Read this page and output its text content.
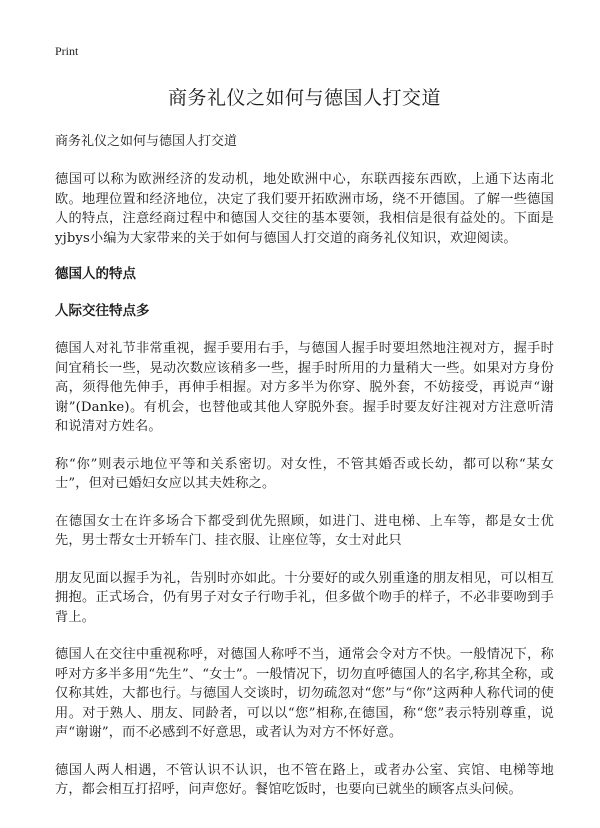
Print
商务礼仪之如何与德国人打交道
商务礼仪之如何与德国人打交道

德国可以称为欧洲经济的发动机，地处欧洲中心，东联西接东西欧，上通下达南北欧。地理位置和经济地位，决定了我们要开拓欧洲市场，绕不开德国。了解一些德国人的特点，注意经商过程中和德国人交往的基本要领，我相信是很有益处的。下面是yjbys小编为大家带来的关于如何与德国人打交道的商务礼仪知识，欢迎阅读。

德国人的特点
人际交往特点多

德国人对礼节非常重视，握手要用右手，与德国人握手时要坦然地注视对方，握手时间宜稍长一些，晃动次数应该稍多一些，握手时所用的力量稍大一些。如果对方身份高，须得他先伸手，再伸手相握。对方多半为你穿、脱外套，不妨接受，再说声“谢谢”(Danke)。有机会，也替他或其他人穿脱外套。握手时要友好注视对方注意听清和说清对方姓名。

称“你”则表示地位平等和关系密切。对女性，不管其婚否或长幼，都可以称“某女士”，但对已婚妇女应以其夫姓称之。

在德国女士在许多场合下都受到优先照顾，如进门、进电梯、上车等，都是女士优先，男士帮女士开轿车门、挂衣服、让座位等，女士对此只

朋友见面以握手为礼，告别时亦如此。十分要好的或久别重逢的朋友相见，可以相互拥抱。正式场合，仍有男子对女子行吻手礼，但多做个吻手的样子，不必非要吻到手背上。

德国人在交往中重视称呼，对德国人称呼不当，通常会令对方不快。一般情况下，称呼对方多半多用“先生”、“女士”。一般情况下，切勿直呼德国人的名字,称其全称，或仅称其姓，大都也行。与德国人交谈时，切勿疏忽对“您”与“你”这两种人称代词的使用。对于熟人、朋友、同龄者，可以以“您”相称,在德国，称“您”表示特别尊重，说声“谢谢”，而不必感到不好意思，或者认为对方不怀好意。

德国人两人相遇，不管认识不认识，也不管在路上，或者办公室、宾馆、电梯等地方，都会相互打招呼，问声您好。餐馆吃饭时，也要向已就坐的顾客点头问候。
